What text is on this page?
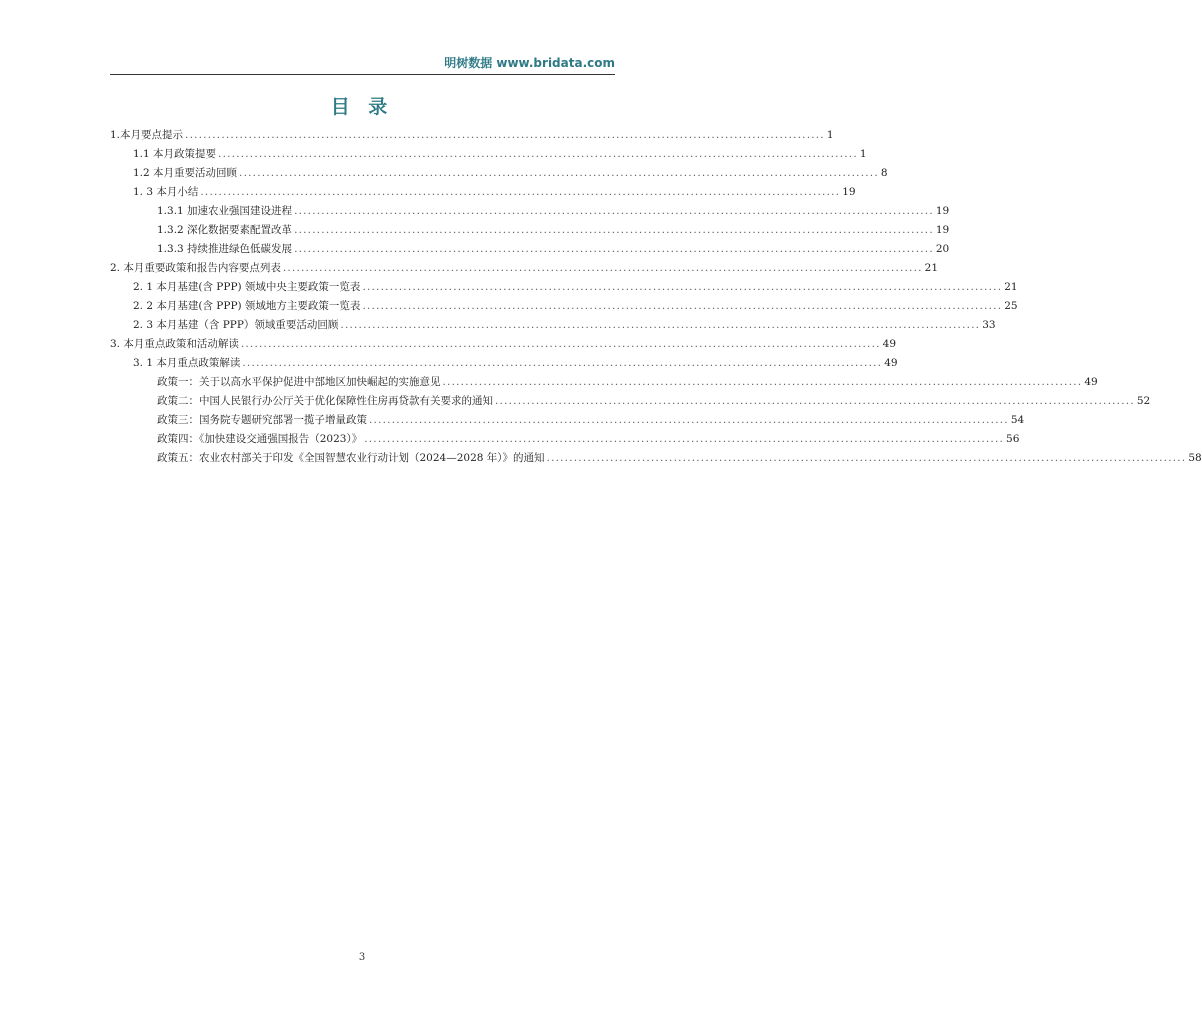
明树数据 www.bridata.com
目 录
1.本月要点提示 ............................................................................................................................................. 1
1.1 本月政策提要 ............................................................................................................................................. 1
1.2 本月重要活动回顾 ............................................................................................................................................. 8
1. 3 本月小结 ............................................................................................................................................. 19
1.3.1 加速农业强国建设进程 ............................................................................................................................................. 19
1.3.2 深化数据要素配置改革 ............................................................................................................................................. 19
1.3.3 持续推进绿色低碳发展 ............................................................................................................................................. 20
2. 本月重要政策和报告内容要点列表 ............................................................................................................................................. 21
2. 1 本月基建(含 PPP) 领域中央主要政策一览表 ............................................................................................................................................. 21
2. 2 本月基建(含 PPP) 领域地方主要政策一览表 ............................................................................................................................................. 25
2. 3 本月基建（含 PPP）领域重要活动回顾 ............................................................................................................................................. 33
3. 本月重点政策和活动解读 ............................................................................................................................................. 49
3. 1 本月重点政策解读 ............................................................................................................................................. 49
政策一：关于以高水平保护促进中部地区加快崛起的实施意见 ............................................................................................................................................. 49
政策二：中国人民银行办公厅关于优化保障性住房再贷款有关要求的通知 ............................................................................................................................................. 52
政策三：国务院专题研究部署一揽子增量政策 ............................................................................................................................................. 54
政策四：《加快建设交通强国报告（2023）》 ............................................................................................................................................. 56
政策五：农业农村部关于印发《全国智慧农业行动计划（2024—2028 年）》的通知 ............................................................................................................................................. 58
3
